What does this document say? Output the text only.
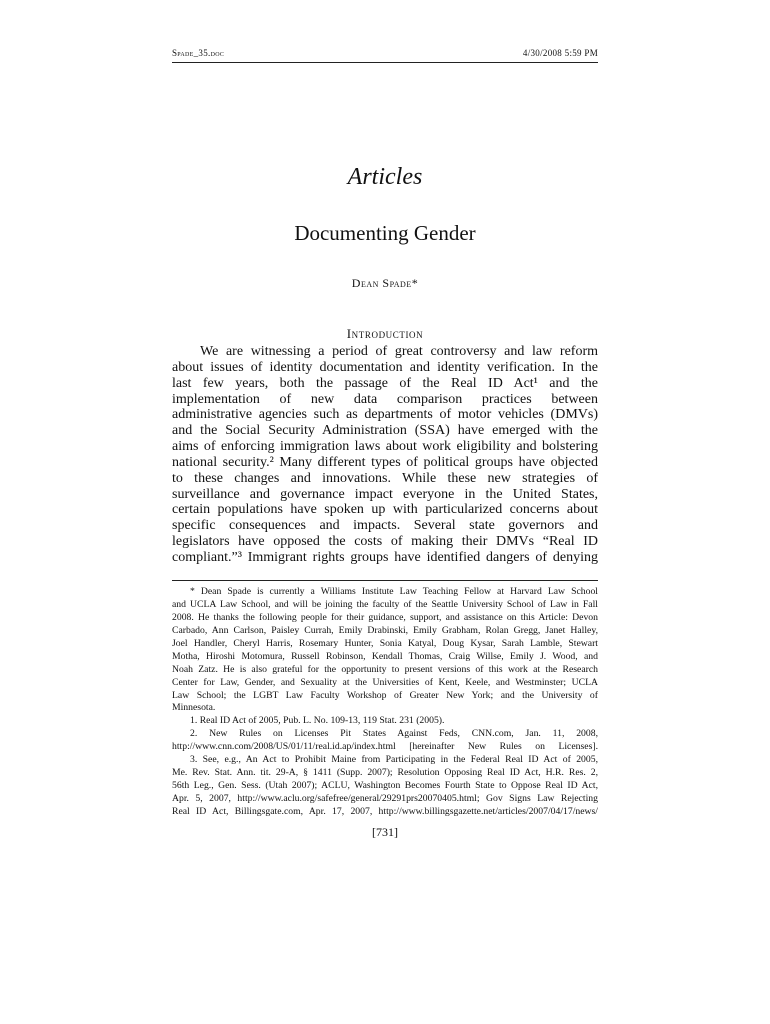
Spade_35.doc	4/30/2008 5:59 PM
Articles
Documenting Gender
Dean Spade*
Introduction
We are witnessing a period of great controversy and law reform
about issues of identity documentation and identity verification. In the
last few years, both the passage of the Real ID Act¹ and the
implementation of new data comparison practices between
administrative agencies such as departments of motor vehicles (DMVs)
and the Social Security Administration (SSA) have emerged with the
aims of enforcing immigration laws about work eligibility and bolstering
national security.² Many different types of political groups have objected
to these changes and innovations. While these new strategies of
surveillance and governance impact everyone in the United States,
certain populations have spoken up with particularized concerns about
specific consequences and impacts. Several state governors and
legislators have opposed the costs of making their DMVs “Real ID
compliant.”³ Immigrant rights groups have identified dangers of denying
* Dean Spade is currently a Williams Institute Law Teaching Fellow at Harvard Law School
and UCLA Law School, and will be joining the faculty of the Seattle University School of Law in Fall
2008. He thanks the following people for their guidance, support, and assistance on this Article: Devon
Carbado, Ann Carlson, Paisley Currah, Emily Drabinski, Emily Grabham, Rolan Gregg, Janet Halley,
Joel Handler, Cheryl Harris, Rosemary Hunter, Sonia Katyal, Doug Kysar, Sarah Lamble, Stewart
Motha, Hiroshi Motomura, Russell Robinson, Kendall Thomas, Craig Willse, Emily J. Wood, and
Noah Zatz. He is also grateful for the opportunity to present versions of this work at the Research
Center for Law, Gender, and Sexuality at the Universities of Kent, Keele, and Westminster; UCLA
Law School; the LGBT Law Faculty Workshop of Greater New York; and the University of
Minnesota.
1. Real ID Act of 2005, Pub. L. No. 109-13, 119 Stat. 231 (2005).
2. New Rules on Licenses Pit States Against Feds, CNN.com, Jan. 11, 2008,
http://www.cnn.com/2008/US/01/11/real.id.ap/index.html [hereinafter New Rules on Licenses].
3. See, e.g., An Act to Prohibit Maine from Participating in the Federal Real ID Act of 2005,
Me. Rev. Stat. Ann. tit. 29-A, § 1411 (Supp. 2007); Resolution Opposing Real ID Act, H.R. Res. 2,
56th Leg., Gen. Sess. (Utah 2007); ACLU, Washington Becomes Fourth State to Oppose Real ID Act,
Apr. 5, 2007, http://www.aclu.org/safefree/general/29291prs20070405.html; Gov Signs Law Rejecting
Real ID Act, Billingsgate.com, Apr. 17, 2007, http://www.billingsgazette.net/articles/2007/04/17/news/
[731]
